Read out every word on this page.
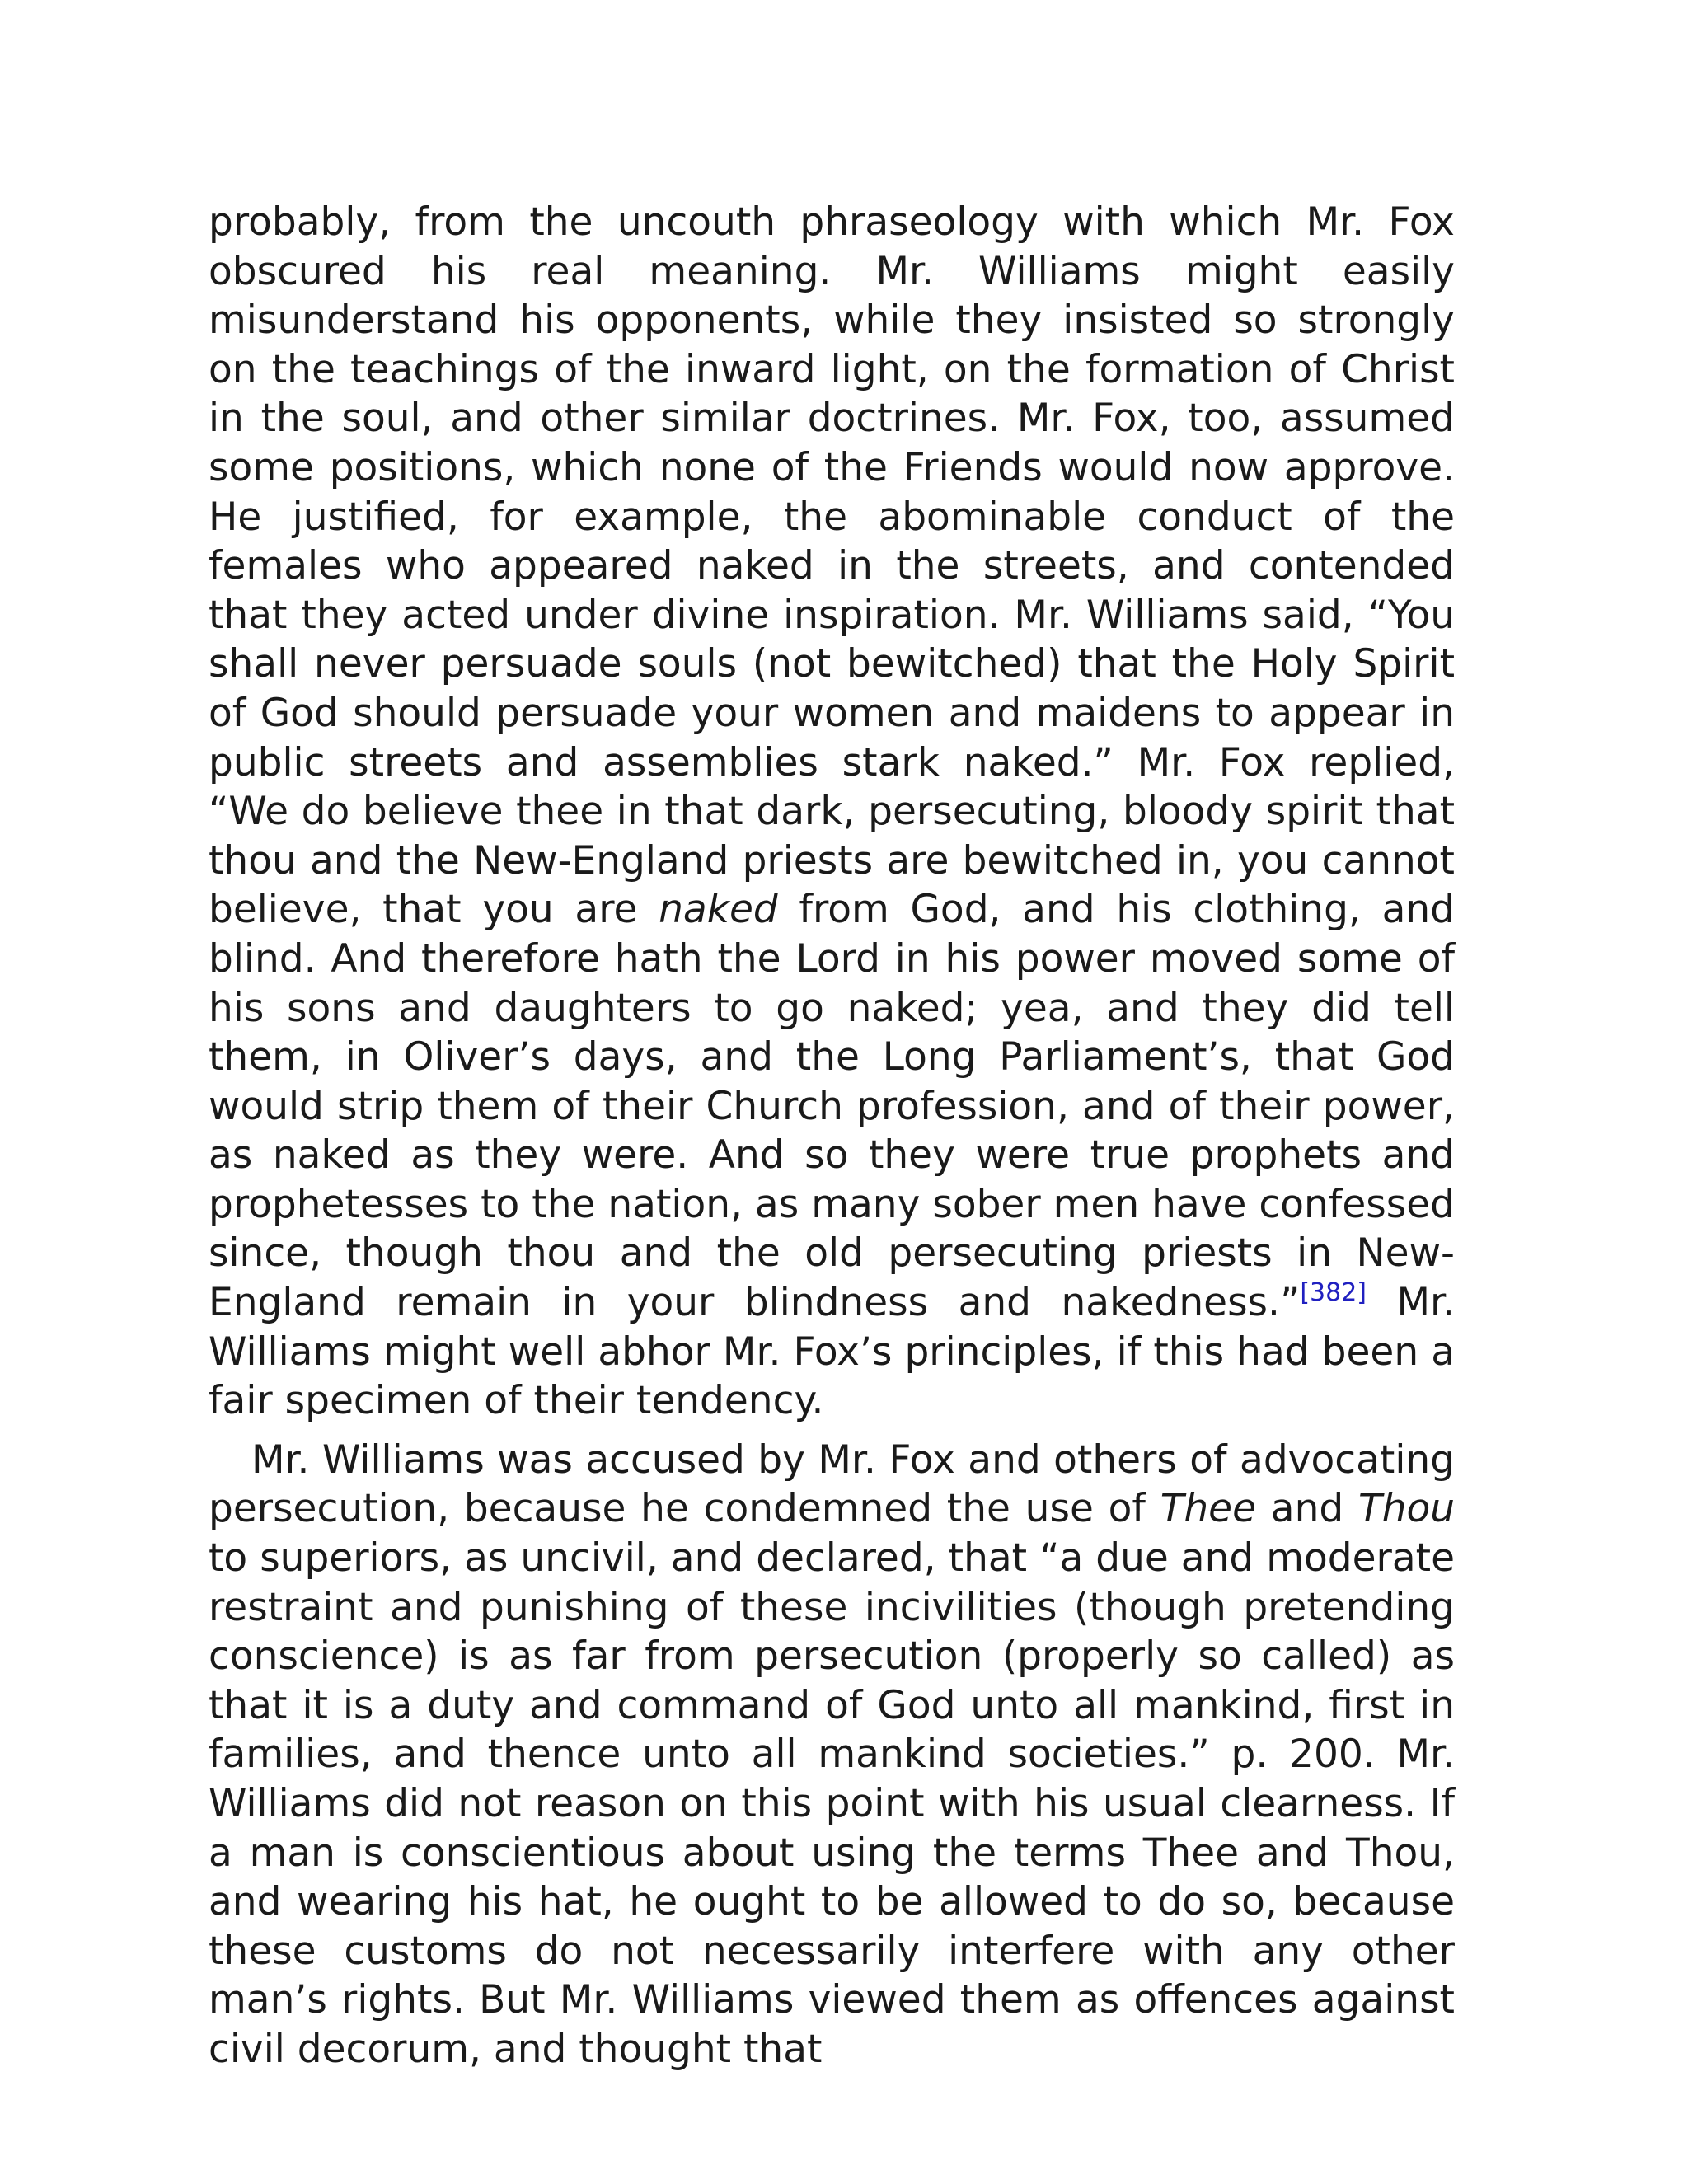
probably, from the uncouth phraseology with which Mr. Fox obscured his real meaning. Mr. Williams might easily misunderstand his opponents, while they insisted so strongly on the teachings of the inward light, on the formation of Christ in the soul, and other similar doctrines. Mr. Fox, too, assumed some positions, which none of the Friends would now approve. He justified, for example, the abominable conduct of the females who appeared naked in the streets, and contended that they acted under divine inspiration. Mr. Williams said, “You shall never persuade souls (not bewitched) that the Holy Spirit of God should persuade your women and maidens to appear in public streets and assemblies stark naked.” Mr. Fox replied, “We do believe thee in that dark, persecuting, bloody spirit that thou and the New-England priests are bewitched in, you cannot believe, that you are naked from God, and his clothing, and blind. And therefore hath the Lord in his power moved some of his sons and daughters to go naked; yea, and they did tell them, in Oliver’s days, and the Long Parliament’s, that God would strip them of their Church profession, and of their power, as naked as they were. And so they were true prophets and prophetesses to the nation, as many sober men have confessed since, though thou and the old persecuting priests in New-England remain in your blindness and nakedness.”[382] Mr. Williams might well abhor Mr. Fox’s principles, if this had been a fair specimen of their tendency.

Mr. Williams was accused by Mr. Fox and others of advocating persecution, because he condemned the use of Thee and Thou to superiors, as uncivil, and declared, that “a due and moderate restraint and punishing of these incivilities (though pretending conscience) is as far from persecution (properly so called) as that it is a duty and command of God unto all mankind, first in families, and thence unto all mankind societies.” p. 200. Mr. Williams did not reason on this point with his usual clearness. If a man is conscientious about using the terms Thee and Thou, and wearing his hat, he ought to be allowed to do so, because these customs do not necessarily interfere with any other man’s rights. But Mr. Williams viewed them as offences against civil decorum, and thought that
